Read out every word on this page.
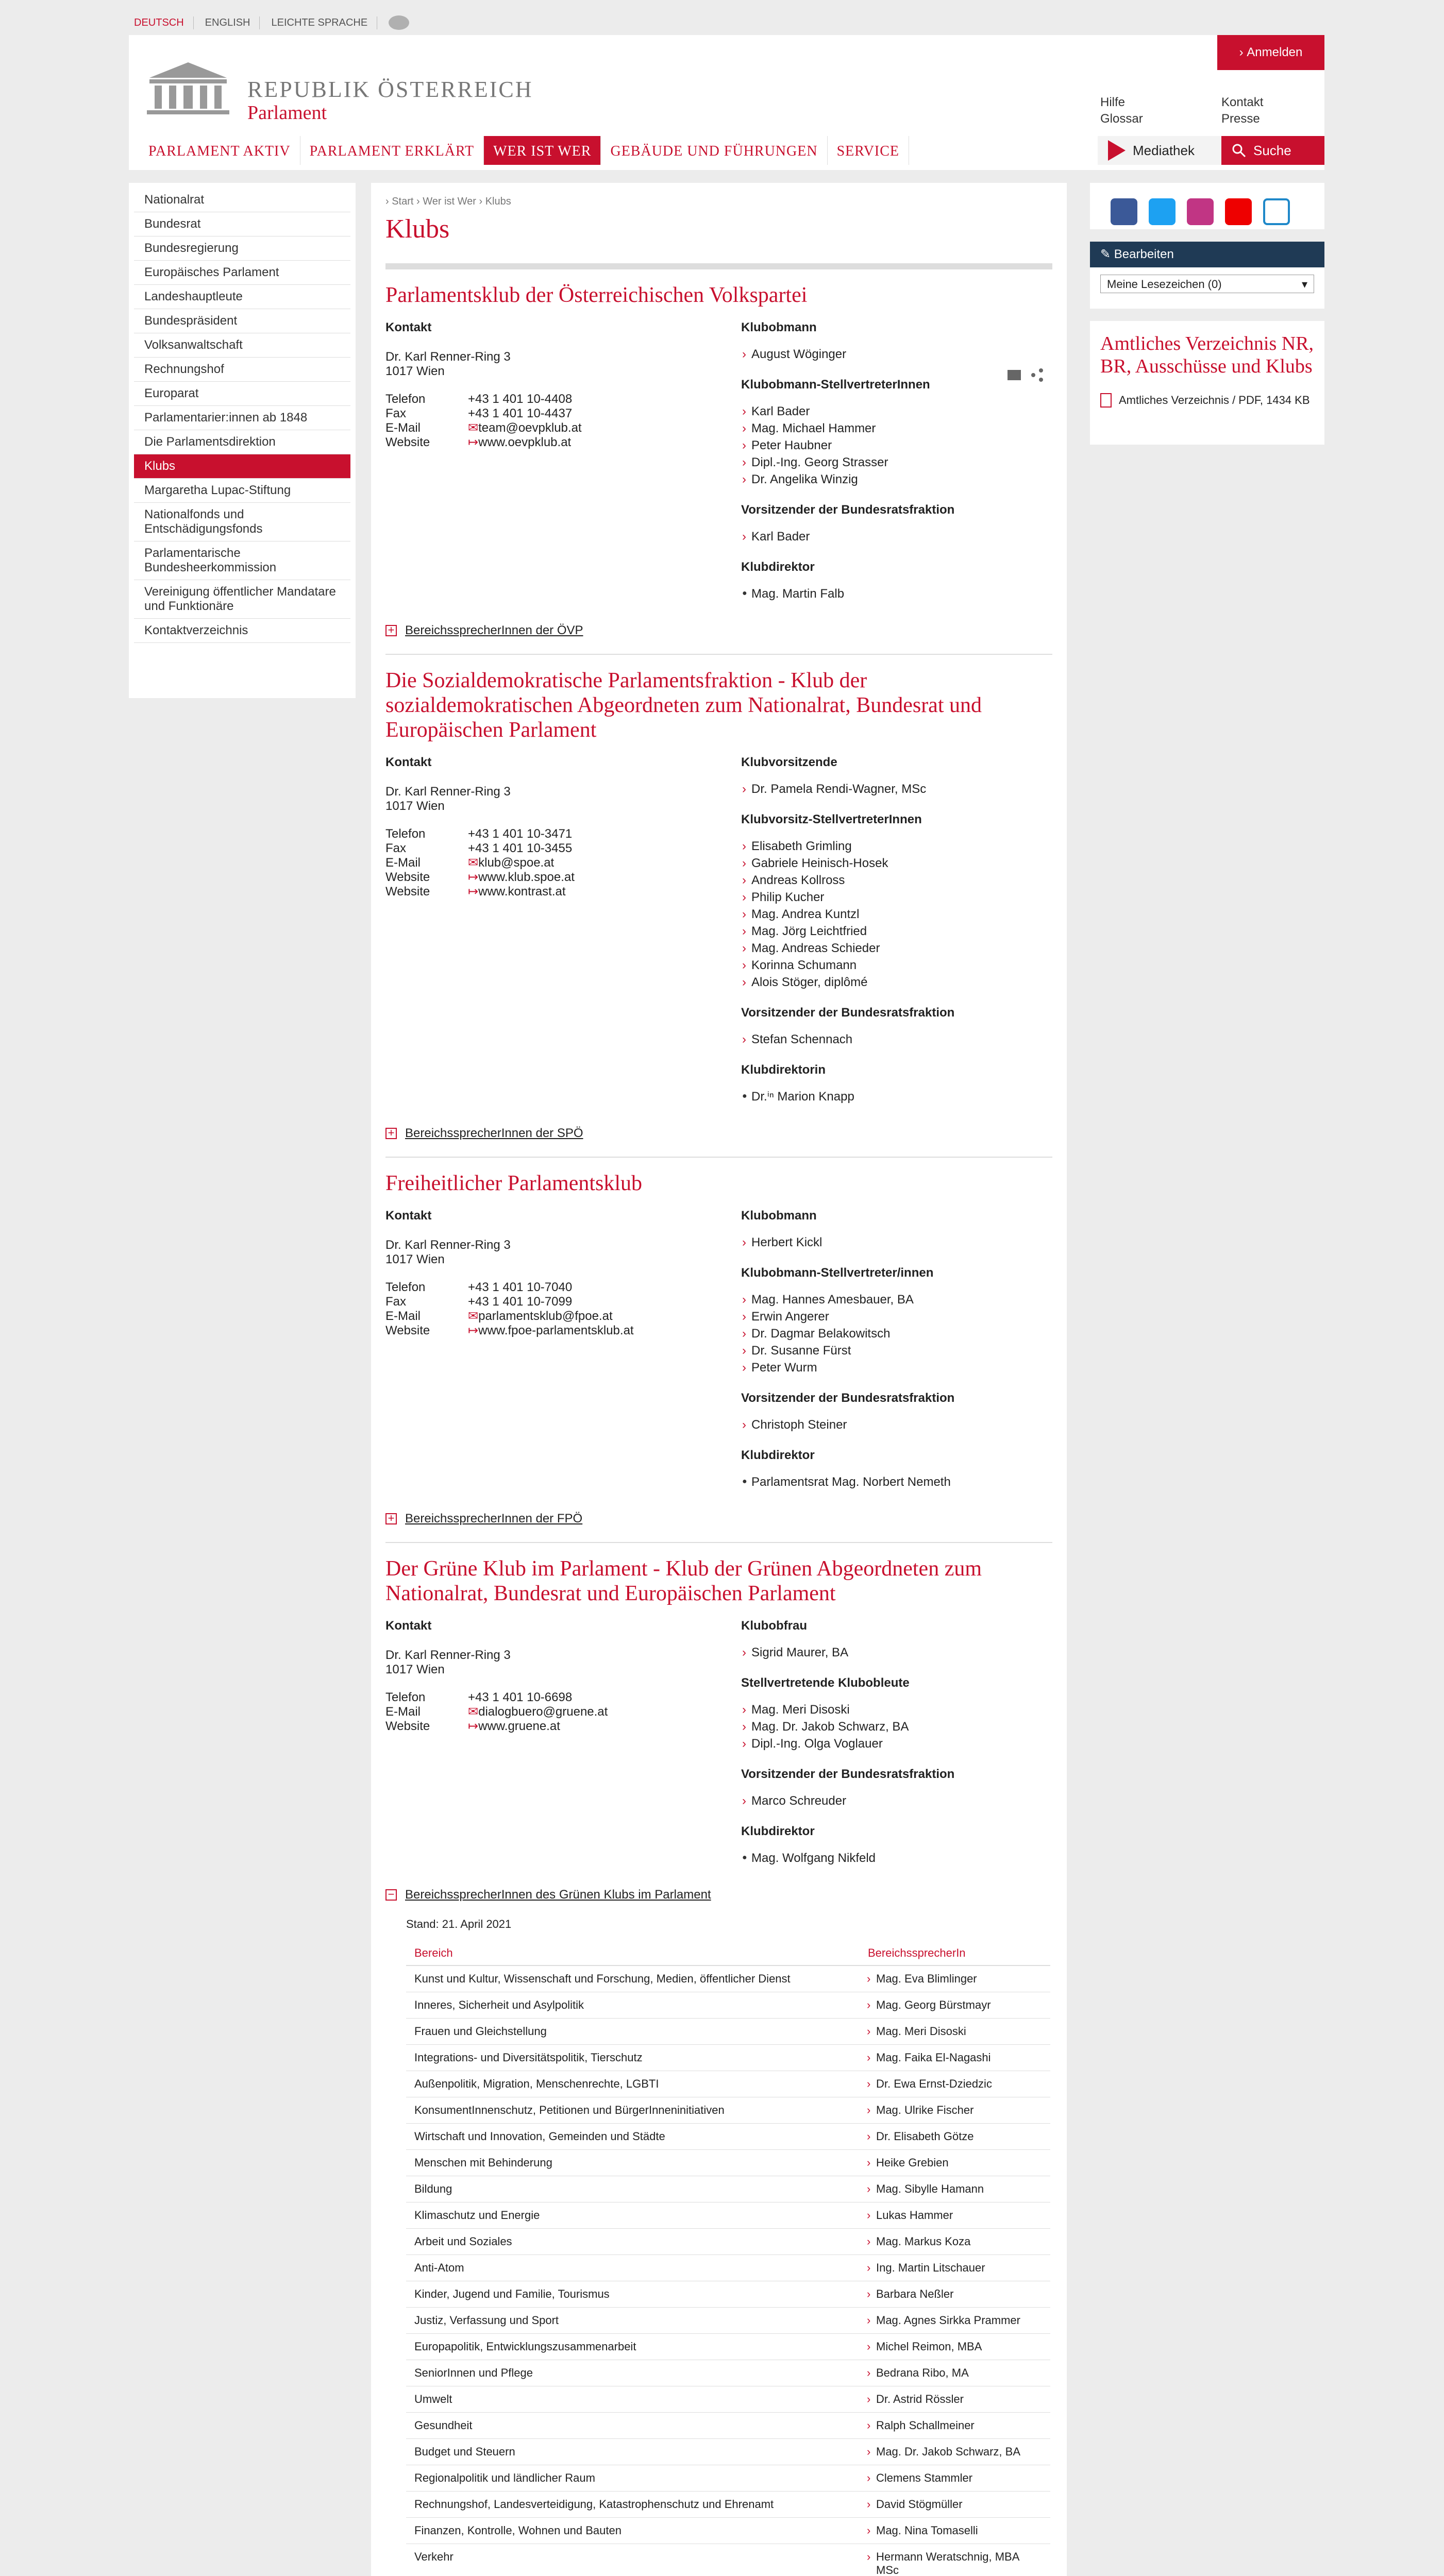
DEUTSCH	ENGLISH	LEICHTE SPRACHE
REPUBLIK ÖSTERREICH
Parlament
› Anmelden
Hilfe
Glossar
Kontakt
Presse
PARLAMENT AKTIV	PARLAMENT ERKLÄRT	WER IST WER	GEBÄUDE UND FÜHRUNGEN	SERVICE	Mediathek	Suche
Nationalrat
Bundesrat
Bundesregierung
Europäisches Parlament
Landeshauptleute
Bundespräsident
Volksanwaltschaft
Rechnungshof
Europarat
Parlamentarier:innen ab 1848
Die Parlamentsdirektion
Klubs
Margaretha Lupac-Stiftung
Nationalfonds und Entschädigungsfonds
Parlamentarische Bundesheerkommission
Vereinigung öffentlicher Mandatare und Funktionäre
Kontaktverzeichnis
› Start › Wer ist Wer › Klubs
Klubs
Parlamentsklub der Österreichischen Volkspartei
Kontakt
Dr. Karl Renner-Ring 3
1017 Wien
Telefon	+43 1 401 10-4408
Fax	+43 1 401 10-4437
E-Mail	✉ team@oevpklub.at
Website	↦ www.oevpklub.at
Klubobmann
› August Wöginger
Klubobmann-StellvertreterInnen
› Karl Bader
› Mag. Michael Hammer
› Peter Haubner
› Dipl.-Ing. Georg Strasser
› Dr. Angelika Winzig
Vorsitzender der Bundesratsfraktion
› Karl Bader
Klubdirektor
● Mag. Martin Falb
+ BereichssprecherInnen der ÖVP
Die Sozialdemokratische Parlamentsfraktion - Klub der sozialdemokratischen Abgeordneten zum Nationalrat, Bundesrat und Europäischen Parlament
Kontakt
Dr. Karl Renner-Ring 3
1017 Wien
Telefon	+43 1 401 10-3471
Fax	+43 1 401 10-3455
E-Mail	✉ klub@spoe.at
Website	↦ www.klub.spoe.at
Website	↦ www.kontrast.at
Klubvorsitzende
› Dr. Pamela Rendi-Wagner, MSc
Klubvorsitz-StellvertreterInnen
› Elisabeth Grimling
› Gabriele Heinisch-Hosek
› Andreas Kollross
› Philip Kucher
› Mag. Andrea Kuntzl
› Mag. Jörg Leichtfried
› Mag. Andreas Schieder
› Korinna Schumann
› Alois Stöger, diplômé
Vorsitzender der Bundesratsfraktion
› Stefan Schennach
Klubdirektorin
● Dr.ⁱⁿ Marion Knapp
+ BereichssprecherInnen der SPÖ
Freiheitlicher Parlamentsklub
Kontakt
Dr. Karl Renner-Ring 3
1017 Wien
Telefon	+43 1 401 10-7040
Fax	+43 1 401 10-7099
E-Mail	✉ parlamentsklub@fpoe.at
Website	↦ www.fpoe-parlamentsklub.at
Klubobmann
› Herbert Kickl
Klubobmann-Stellvertreter/innen
› Mag. Hannes Amesbauer, BA
› Erwin Angerer
› Dr. Dagmar Belakowitsch
› Dr. Susanne Fürst
› Peter Wurm
Vorsitzender der Bundesratsfraktion
› Christoph Steiner
Klubdirektor
● Parlamentsrat Mag. Norbert Nemeth
+ BereichssprecherInnen der FPÖ
Der Grüne Klub im Parlament - Klub der Grünen Abgeordneten zum Nationalrat, Bundesrat und Europäischen Parlament
Kontakt
Dr. Karl Renner-Ring 3
1017 Wien
Telefon	+43 1 401 10-6698
E-Mail	✉ dialogbuero@gruene.at
Website	↦ www.gruene.at
Klubobfrau
› Sigrid Maurer, BA
Stellvertretende Klubobleute
› Mag. Meri Disoski
› Mag. Dr. Jakob Schwarz, BA
› Dipl.-Ing. Olga Voglauer
Vorsitzender der Bundesratsfraktion
› Marco Schreuder
Klubdirektor
● Mag. Wolfgang Nikfeld
− BereichssprecherInnen des Grünen Klubs im Parlament
Stand: 21. April 2021
Bereich	BereichssprecherIn
Kunst und Kultur, Wissenschaft und Forschung, Medien, öffentlicher Dienst	› Mag. Eva Blimlinger
Inneres, Sicherheit und Asylpolitik	› Mag. Georg Bürstmayr
Frauen und Gleichstellung	› Mag. Meri Disoski
Integrations- und Diversitätspolitik, Tierschutz	› Mag. Faika El-Nagashi
Außenpolitik, Migration, Menschenrechte, LGBTI	› Dr. Ewa Ernst-Dziedzic
KonsumentInnenschutz, Petitionen und BürgerInneninitiativen	› Mag. Ulrike Fischer
Wirtschaft und Innovation, Gemeinden und Städte	› Dr. Elisabeth Götze
Menschen mit Behinderung	› Heike Grebien
Bildung	› Mag. Sibylle Hamann
Klimaschutz und Energie	› Lukas Hammer
Arbeit und Soziales	› Mag. Markus Koza
Anti-Atom	› Ing. Martin Litschauer
Kinder, Jugend und Familie, Tourismus	› Barbara Neßler
Justiz, Verfassung und Sport	› Mag. Agnes Sirkka Prammer
Europapolitik, Entwicklungszusammenarbeit	› Michel Reimon, MBA
SeniorInnen und Pflege	› Bedrana Ribo, MA
Umwelt	› Dr. Astrid Rössler
Gesundheit	› Ralph Schallmeiner
Budget und Steuern	› Mag. Dr. Jakob Schwarz, BA
Regionalpolitik und ländlicher Raum	› Clemens Stammler
Rechnungshof, Landesverteidigung, Katastrophenschutz und Ehrenamt	› David Stögmüller
Finanzen, Kontrolle, Wohnen und Bauten	› Mag. Nina Tomaselli
Verkehr	› Hermann Weratschnig, MBA MSc

✎ Bearbeiten
Meine Lesezeichen (0)	▾
Amtliches Verzeichnis NR, BR, Ausschüsse und Klubs
Amtliches Verzeichnis / PDF, 1434 KB
